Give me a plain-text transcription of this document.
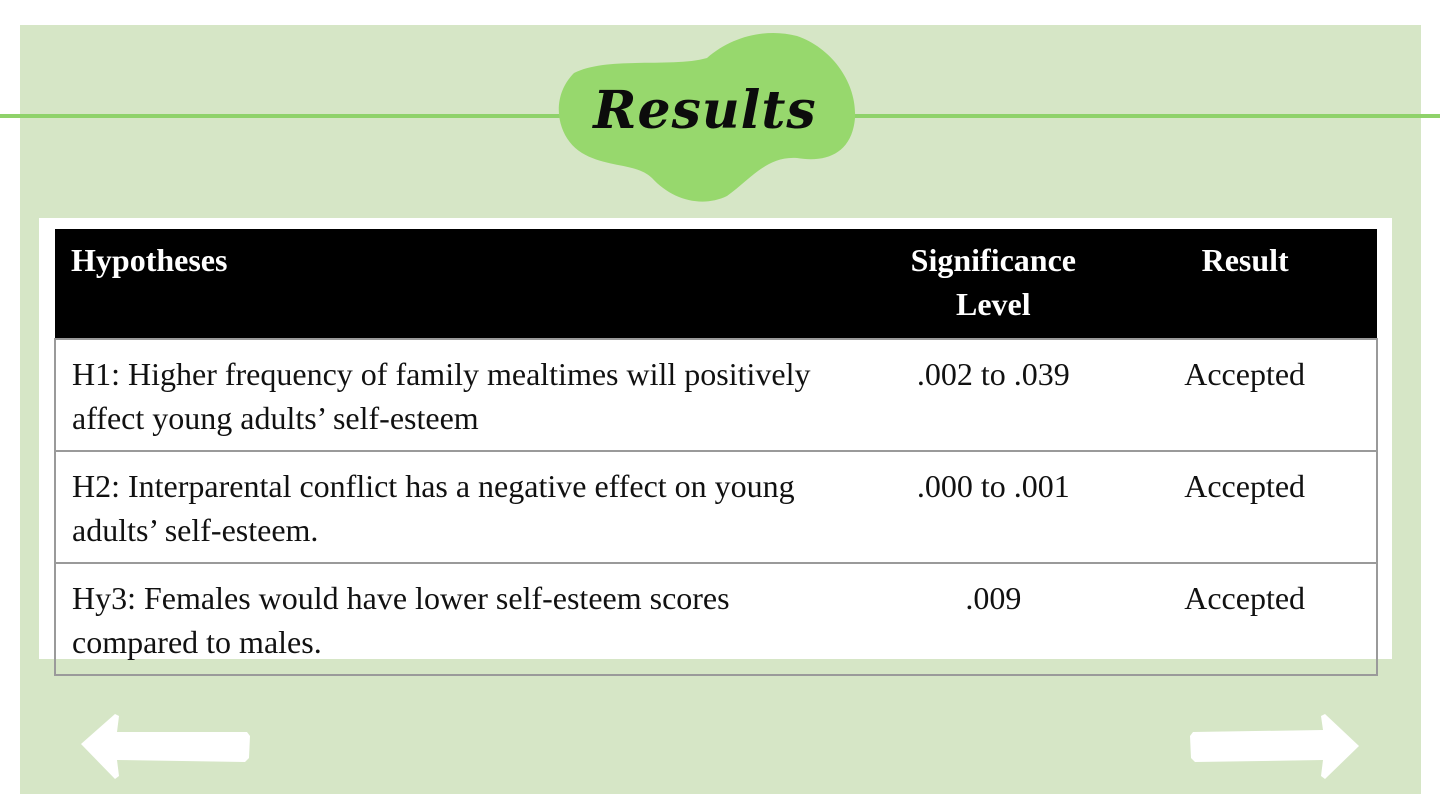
Results
Hypotheses	Significance Level	Result
H1: Higher frequency of family mealtimes will positively affect young adults’ self-esteem	.002 to .039	Accepted
H2: Interparental conflict has a negative effect on young adults’ self-esteem.	.000 to .001	Accepted
Hy3: Females would have lower self-esteem scores compared to males.	.009	Accepted
